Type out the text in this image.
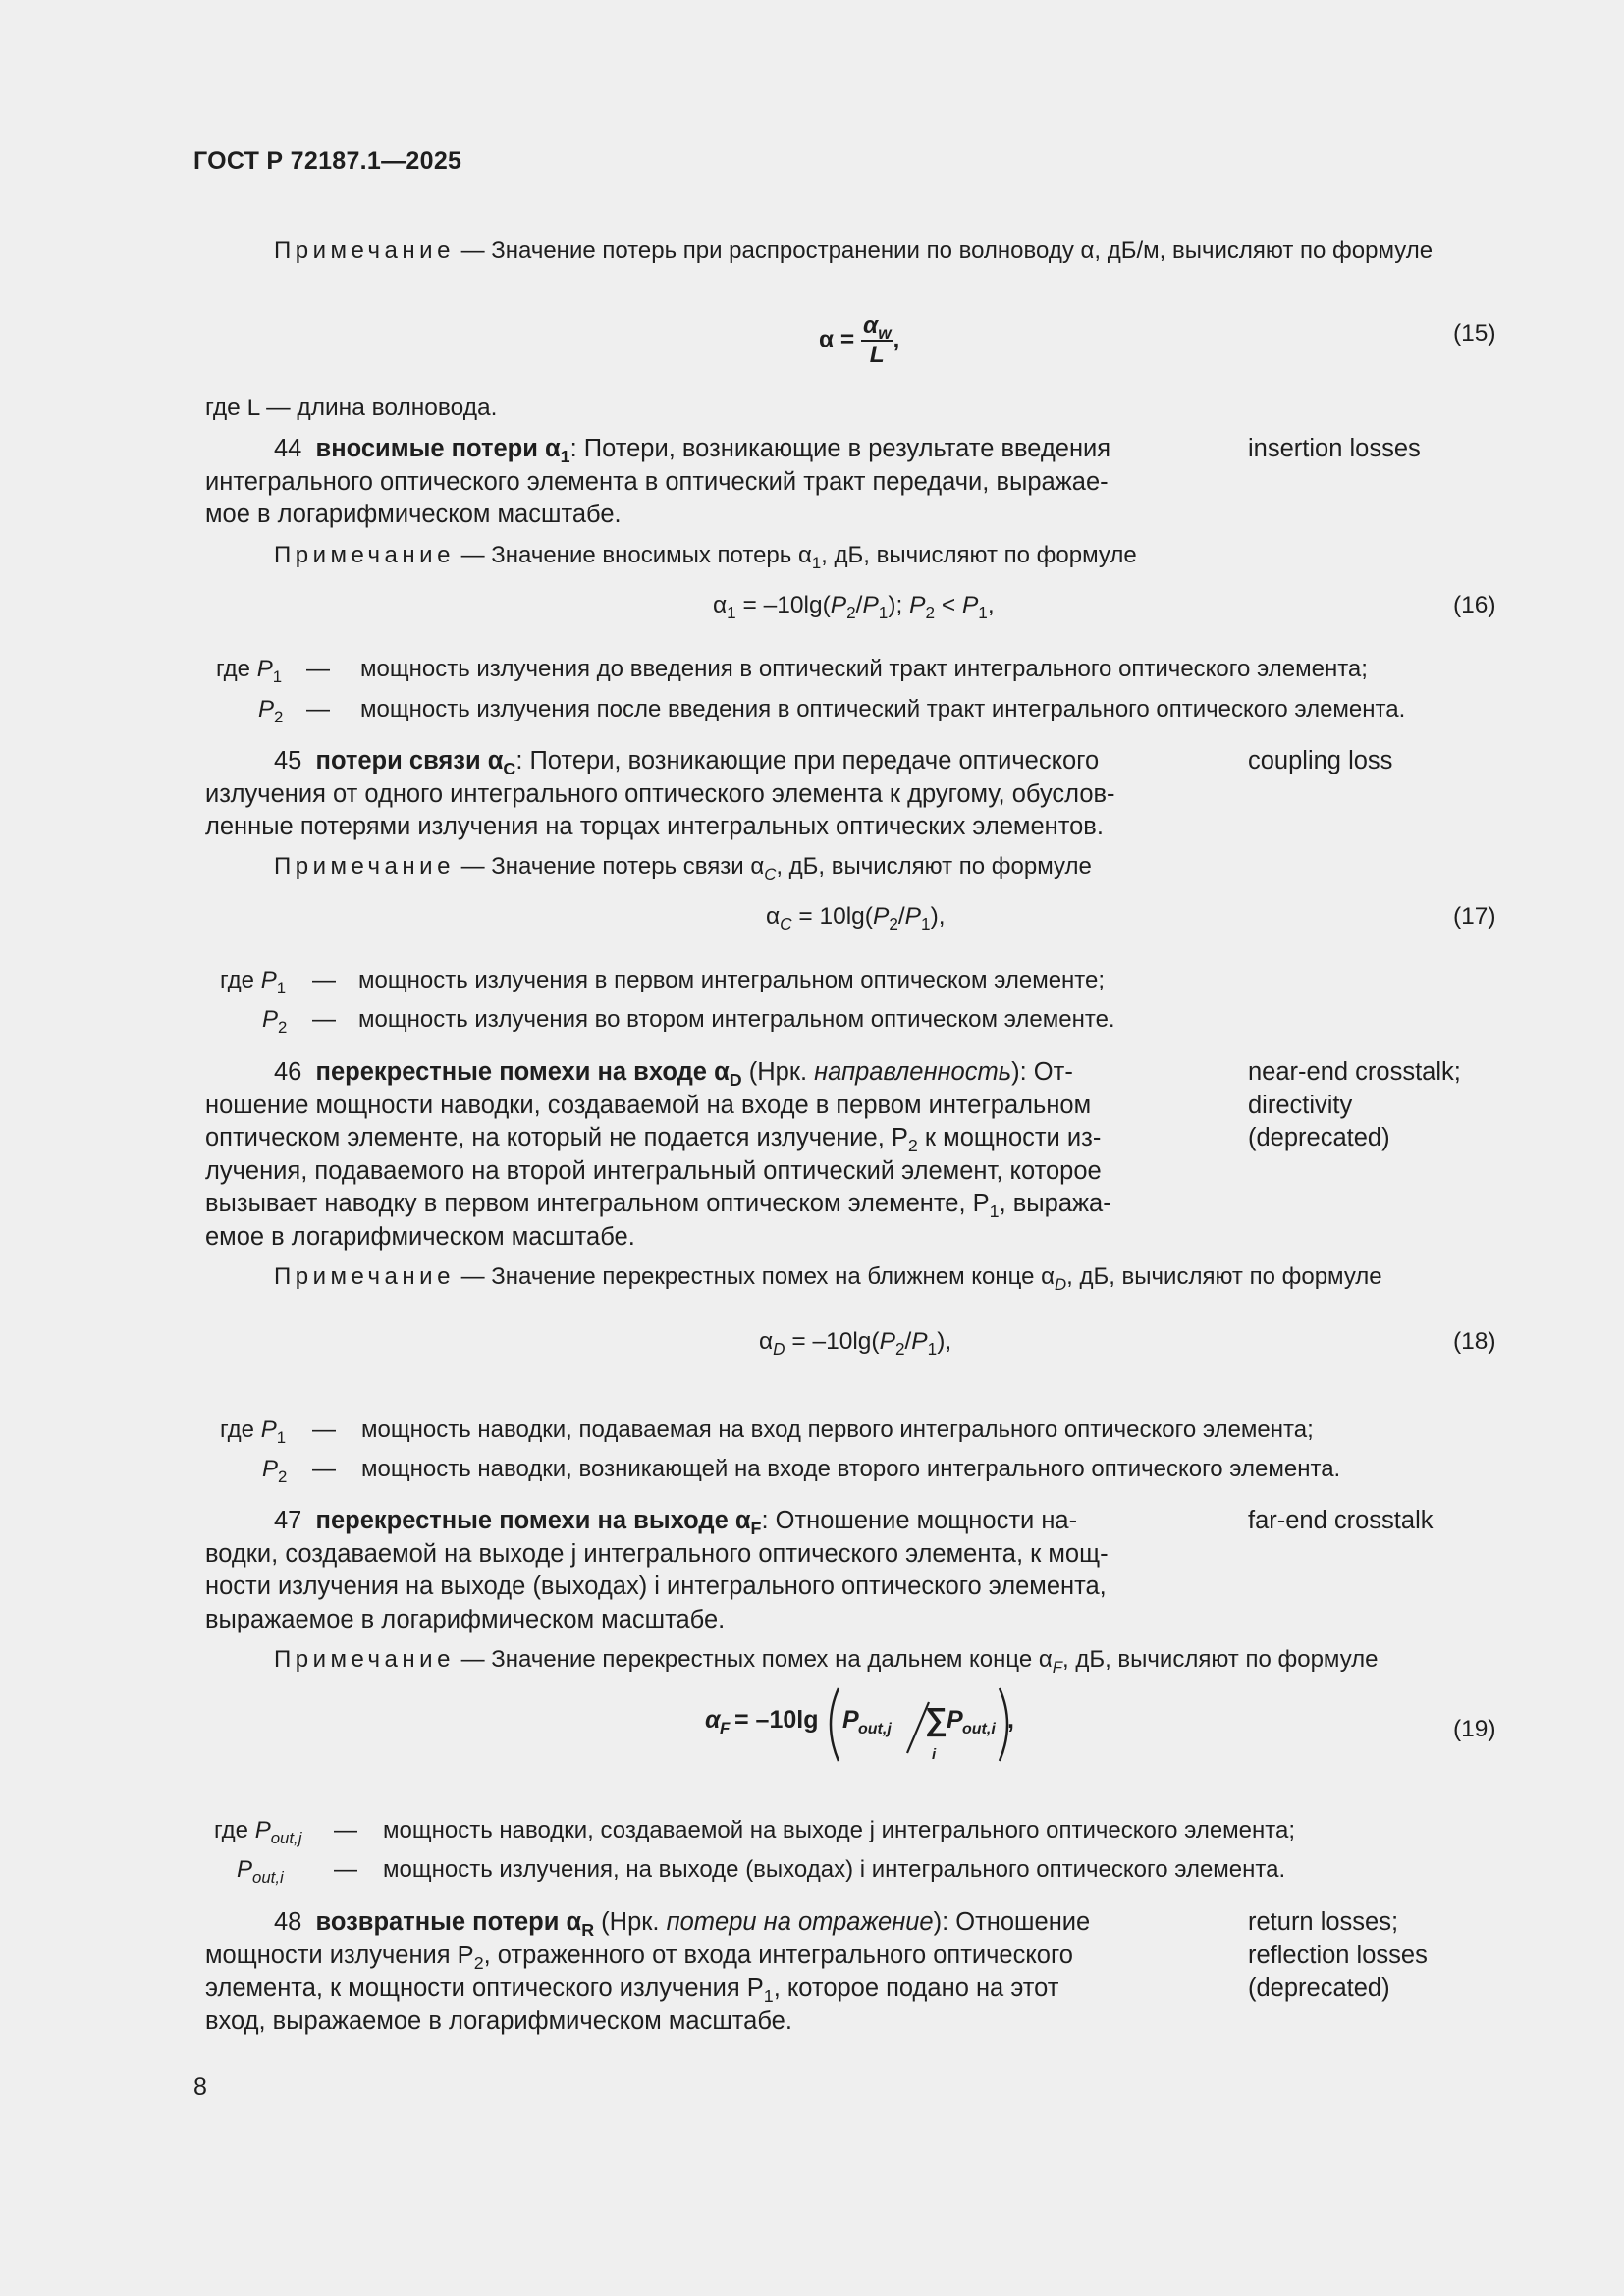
ГОСТ Р 72187.1—2025
Примечание — Значение потерь при распространении по волноводу α, дБ/м, вычисляют по формуле
$\alpha = \frac{\alpha_w}{L}$ ,	(15)
где L — длина волновода.
44 вносимые потери $\alpha_1$: Потери, возникающие в результате введения
интегрального оптического элемента в оптический тракт передачи, выражае-
мое в логарифмическом масштабе.
insertion losses
Примечание — Значение вносимых потерь $\alpha_1$, дБ, вычисляют по формуле
$\alpha_1 = -10\lg(P_2/P_1)$; $P_2 < P_1$,	(16)
где $P_1$ — мощность излучения до введения в оптический тракт интегрального оптического элемента;
$P_2$ — мощность излучения после введения в оптический тракт интегрального оптического элемента.
45 потери связи $\alpha_C$: Потери, возникающие при передаче оптического
излучения от одного интегрального оптического элемента к другому, обуслов-
ленные потерями излучения на торцах интегральных оптических элементов.
coupling loss
Примечание — Значение потерь связи $\alpha_C$, дБ, вычисляют по формуле
$\alpha_C = 10\lg(P_2/P_1)$,	(17)
где $P_1$ — мощность излучения в первом интегральном оптическом элементе;
$P_2$ — мощность излучения во втором интегральном оптическом элементе.
46 перекрестные помехи на входе $\alpha_D$ (Нрк. направленность): От-
ношение мощности наводки, создаваемой на входе в первом интегральном
оптическом элементе, на который не подается излучение, $P_2$ к мощности из-
лучения, подаваемого на второй интегральный оптический элемент, которое
вызывает наводку в первом интегральном оптическом элементе, $P_1$, выража-
емое в логарифмическом масштабе.
near-end crosstalk;
directivity
(deprecated)
Примечание — Значение перекрестных помех на ближнем конце $\alpha_D$, дБ, вычисляют по формуле
$\alpha_D = -10\lg(P_2/P_1)$,	(18)
где $P_1$ — мощность наводки, подаваемая на вход первого интегрального оптического элемента;
$P_2$ — мощность наводки, возникающей на входе второго интегрального оптического элемента.
47 перекрестные помехи на выходе $\alpha_F$: Отношение мощности на-
водки, создаваемой на выходе j интегрального оптического элемента, к мощ-
ности излучения на выходе (выходах) i интегрального оптического элемента,
выражаемое в логарифмическом масштабе.
far-end crosstalk
Примечание — Значение перекрестных помех на дальнем конце $\alpha_F$, дБ, вычисляют по формуле
α F = –10lg P out,j ∑
i
P out,i ,	(19)
где $P_{out,j}$ — мощность наводки, создаваемой на выходе j интегрального оптического элемента;
$P_{out,i}$ — мощность излучения, на выходе (выходах) i интегрального оптического элемента.
48 возвратные потери $\alpha_R$ (Нрк. потери на отражение): Отношение
мощности излучения $P_2$, отраженного от входа интегрального оптического
элемента, к мощности оптического излучения $P_1$, которое подано на этот
вход, выражаемое в логарифмическом масштабе.
return losses;
reflection losses
(deprecated)
8
